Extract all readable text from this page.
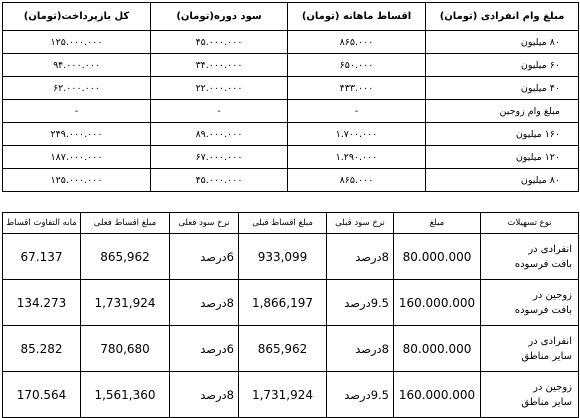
کل بازپرداخت(تومان)	سود دوره(تومان)	اقساط ماهانه (تومان)	مبلغ وام انفرادی (تومان)
۱۲۵.۰۰۰.۰۰۰	۴۵.۰۰۰.۰۰۰	۸۶۵.۰۰۰	۸۰ میلیون
۹۴.۰۰۰.۰۰۰	۳۴.۰۰۰.۰۰۰	۶۵۰.۰۰۰	۶۰ میلیون
۶۲.۰۰۰.۰۰۰	۲۲.۰۰۰.۰۰۰	۴۳۳.۰۰۰	۴۰ میلیون
-	-	-	مبلغ وام زوجین
۲۴۹.۰۰۰.۰۰۰	۸۹.۰۰۰.۰۰۰	۱.۷۰۰.۰۰۰	۱۶۰ میلیون
۱۸۷.۰۰۰.۰۰۰	۶۷.۰۰۰.۰۰۰	۱.۲۹۰.۰۰۰	۱۲۰ میلیون
۱۲۵.۰۰۰.۰۰۰	۴۵.۰۰۰.۰۰۰	۸۶۵.۰۰۰	۸۰ میلیون
مابه التفاوت اقساط	مبلغ اقساط فعلی	نرخ سود فعلی	مبلغ اقساط قبلی	نرخ سود قبلی	مبلغ	نوع تسهیلات
67.137	865,962	6درصد	933,099	8درصد	80.000.000	انفرادی در
بافت فرسوده
134.273	1,731,924	8درصد	1,866,197	9.5درصد	160.000.000	زوجین در
بافت فرسوده
85.282	780,680	6درصد	865,962	8درصد	80.000.000	انفرادی در
سایر مناطق
170.564	1,561,360	8درصد	1,731,924	9.5درصد	160.000.000	زوجین در
سایر مناطق
